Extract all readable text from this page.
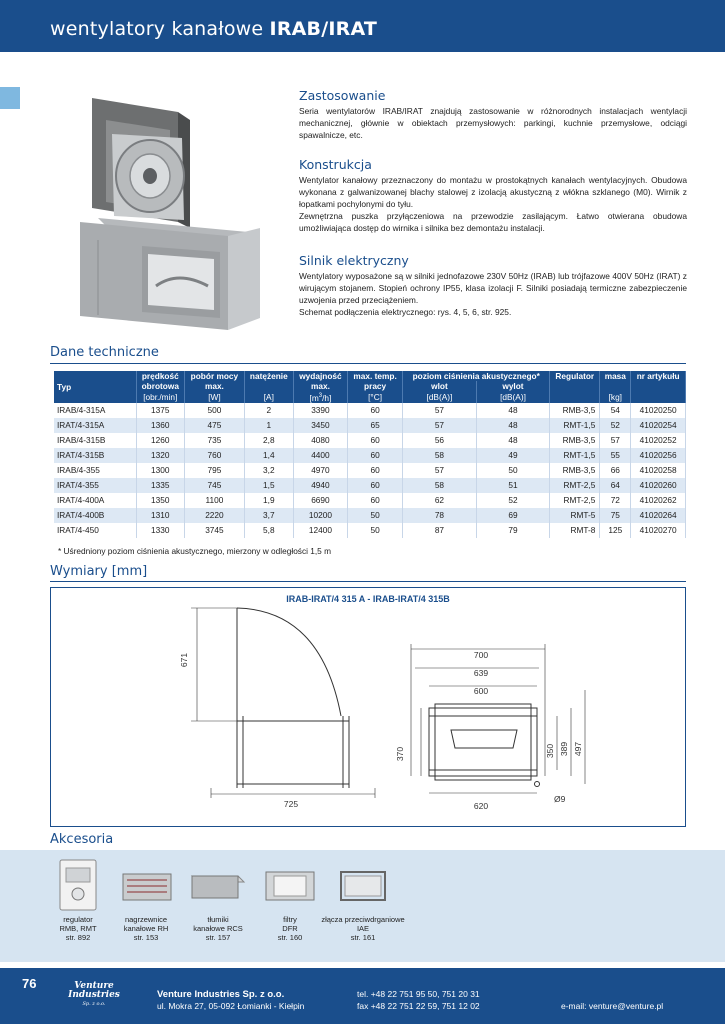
wentylatory kanałowe IRAB/IRAT
Zastosowanie
Seria wentylatorów IRAB/IRAT znajdują zastosowanie w różnorodnych instalacjach wentylacji mechanicznej, głównie w obiektach przemysłowych: parkingi, kuchnie przemysłowe, odciągi spawalnicze, etc.
Konstrukcja
Wentylator kanałowy przeznaczony do montażu w prostokątnych kanałach wentylacyjnych. Obudowa wykonana z galwanizowanej blachy stalowej z izolacją akustyczną z włókna szklanego (M0). Wirnik z łopatkami pochylonymi do tyłu.
Zewnętrzna puszka przyłączeniowa na przewodzie zasilającym. Łatwo otwierana obudowa umożliwiająca dostęp do wirnika i silnika bez demontażu instalacji.
Silnik elektryczny
Wentylatory wyposażone są w silniki jednofazowe 230V 50Hz (IRAB) lub trójfazowe 400V 50Hz (IRAT) z wirującym stojanem. Stopień ochrony IP55, klasa izolacji F. Silniki posiadają termiczne zabezpieczenie uzwojenia przed przeciążeniem.
Schemat podłączenia elektrycznego: rys. 4, 5, 6, str. 925.
Dane techniczne
Typ	prędkość	pobór mocy	natężenie	wydajność	max. temp.	poziom ciśnienia akustycznego*		Regulator	masa	nr artykułu
	obrotowa	max.		max.	pracy	wlot	wylot			
	[obr./min]	[W]	[A]	$[m^3/h]$	[°C]	[dB(A)]	[dB(A)]		[kg]	
IRAB/4-315A	1375	500	2	3390	60	57	48	RMB-3,5	54	41020250
IRAT/4-315A	1360	475	1	3450	65	57	48	RMT-1,5	52	41020254
IRAB/4-315B	1260	735	2,8	4080	60	56	48	RMB-3,5	57	41020252
IRAT/4-315B	1320	760	1,4	4400	60	58	49	RMT-1,5	55	41020256
IRAB/4-355	1300	795	3,2	4970	60	57	50	RMB-3,5	66	41020258
IRAT/4-355	1335	745	1,5	4940	60	58	51	RMT-2,5	64	41020260
IRAT/4-400A	1350	1100	1,9	6690	60	62	52	RMT-2,5	72	41020262
IRAT/4-400B	1310	2220	3,7	10200	50	78	69	RMT-5	75	41020264
IRAT/4-450	1330	3745	5,8	12400	50	87	79	RMT-8	125	41020270
* Uśredniony poziom ciśnienia akustycznego, mierzony w odległości 1,5 m
Wymiary [mm]
IRAB-IRAT/4 315 A - IRAB-IRAT/4 315B
671
725
700
639
600
370	350 389 497
620
Ø9
Akcesoria
regulator
RMB, RMT
str. 892
nagrzewnice
kanałowe RH
str. 153
tłumiki
kanałowe RCS
str. 157
filtry
DFR
str. 160
złącza przeciwdrganiowe
IAE
str. 161
76	Venture
Industries
Sp. z o.o.
Venture Industries Sp. z o.o.
ul. Mokra 27, 05-092 Łomianki - Kiełpin
tel. +48 22 751 95 50, 751 20 31
fax +48 22 751 22 59, 751 12 02	e-mail: venture@venture.pl
